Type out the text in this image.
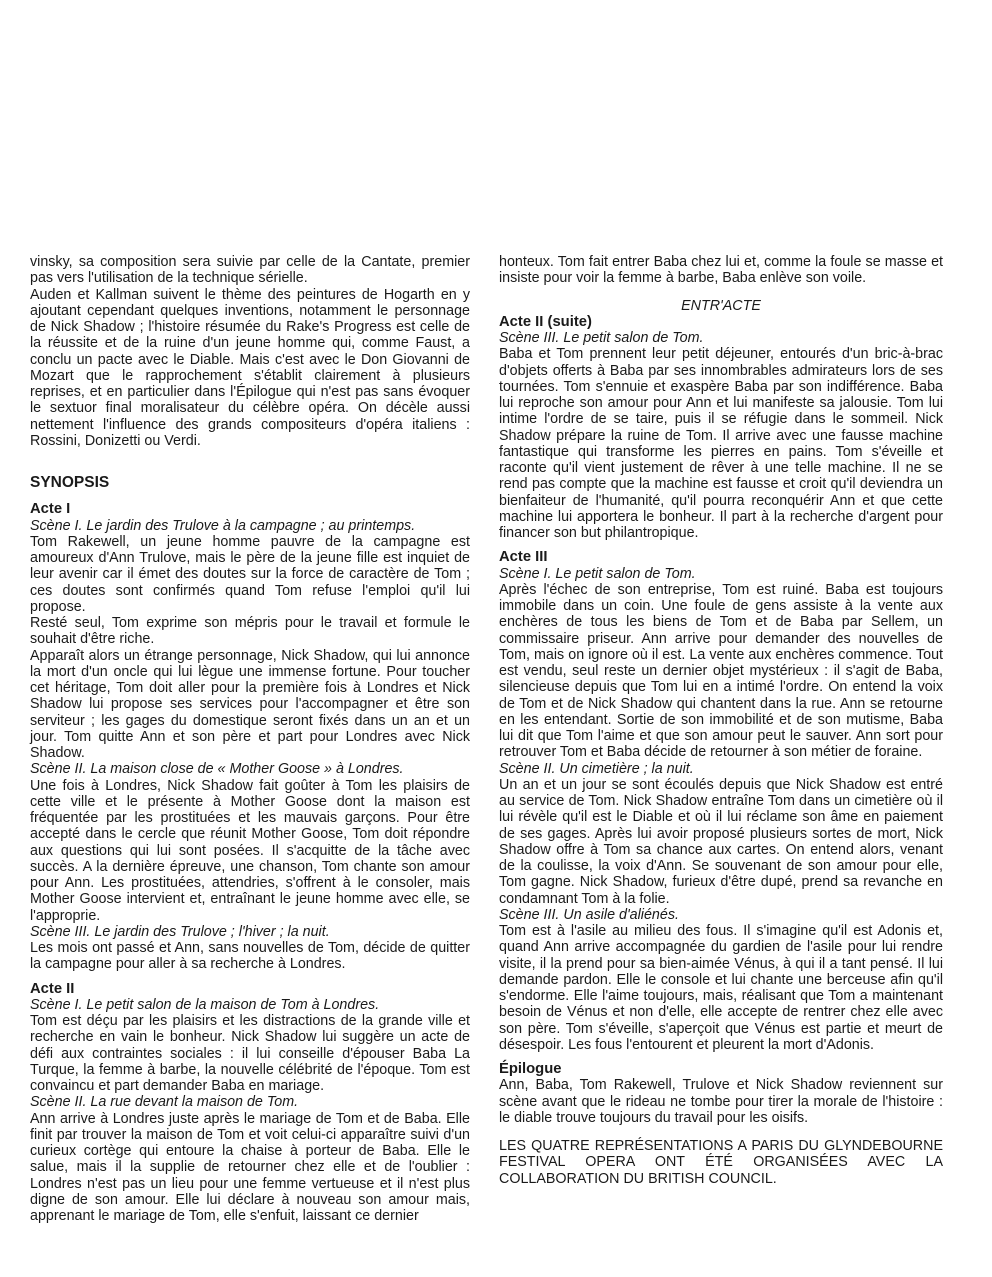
vinsky, sa composition sera suivie par celle de la Cantate, premier pas vers l'utilisation de la technique sérielle.

Auden et Kallman suivent le thème des peintures de Hogarth en y ajoutant cependant quelques inventions, notamment le personnage de Nick Shadow ; l'histoire résumée du Rake's Progress est celle de la réussite et de la ruine d'un jeune homme qui, comme Faust, a conclu un pacte avec le Diable. Mais c'est avec le Don Giovanni de Mozart que le rapprochement s'établit clairement à plusieurs reprises, et en particulier dans l'Épilogue qui n'est pas sans évoquer le sextuor final moralisateur du célèbre opéra. On décèle aussi nettement l'influence des grands compositeurs d'opéra italiens : Rossini, Donizetti ou Verdi.

SYNOPSIS
Acte I

Scène I. Le jardin des Trulove à la campagne ; au printemps.

Tom Rakewell, un jeune homme pauvre de la campagne est amoureux d'Ann Trulove, mais le père de la jeune fille est inquiet de leur avenir car il émet des doutes sur la force de caractère de Tom ; ces doutes sont confirmés quand Tom refuse l'emploi qu'il lui propose.

Resté seul, Tom exprime son mépris pour le travail et formule le souhait d'être riche.

Apparaît alors un étrange personnage, Nick Shadow, qui lui annonce la mort d'un oncle qui lui lègue une immense fortune. Pour toucher cet héritage, Tom doit aller pour la première fois à Londres et Nick Shadow lui propose ses services pour l'accompagner et être son serviteur ; les gages du domestique seront fixés dans un an et un jour. Tom quitte Ann et son père et part pour Londres avec Nick Shadow.

Scène II. La maison close de « Mother Goose » à Londres.

Une fois à Londres, Nick Shadow fait goûter à Tom les plaisirs de cette ville et le présente à Mother Goose dont la maison est fréquentée par les prostituées et les mauvais garçons. Pour être accepté dans le cercle que réunit Mother Goose, Tom doit répondre aux questions qui lui sont posées. Il s'acquitte de la tâche avec succès. A la dernière épreuve, une chanson, Tom chante son amour pour Ann. Les prostituées, attendries, s'offrent à le consoler, mais Mother Goose intervient et, entraînant le jeune homme avec elle, se l'approprie.

Scène III. Le jardin des Trulove ; l'hiver ; la nuit.

Les mois ont passé et Ann, sans nouvelles de Tom, décide de quitter la campagne pour aller à sa recherche à Londres.

Acte II

Scène I. Le petit salon de la maison de Tom à Londres.

Tom est déçu par les plaisirs et les distractions de la grande ville et recherche en vain le bonheur. Nick Shadow lui suggère un acte de défi aux contraintes sociales : il lui conseille d'épouser Baba La Turque, la femme à barbe, la nouvelle célébrité de l'époque. Tom est convaincu et part demander Baba en mariage.

Scène II. La rue devant la maison de Tom.

Ann arrive à Londres juste après le mariage de Tom et de Baba. Elle finit par trouver la maison de Tom et voit celui-ci apparaître suivi d'un curieux cortège qui entoure la chaise à porteur de Baba. Elle le salue, mais il la supplie de retourner chez elle et de l'oublier : Londres n'est pas un lieu pour une femme vertueuse et il n'est plus digne de son amour. Elle lui déclare à nouveau son amour mais, apprenant le mariage de Tom, elle s'enfuit, laissant ce dernier

honteux. Tom fait entrer Baba chez lui et, comme la foule se masse et insiste pour voir la femme à barbe, Baba enlève son voile.

ENTR'ACTE

Acte II (suite)

Scène III. Le petit salon de Tom.

Baba et Tom prennent leur petit déjeuner, entourés d'un bric-à-brac d'objets offerts à Baba par ses innombrables admirateurs lors de ses tournées. Tom s'ennuie et exaspère Baba par son indifférence. Baba lui reproche son amour pour Ann et lui manifeste sa jalousie. Tom lui intime l'ordre de se taire, puis il se réfugie dans le sommeil. Nick Shadow prépare la ruine de Tom. Il arrive avec une fausse machine fantastique qui transforme les pierres en pains. Tom s'éveille et raconte qu'il vient justement de rêver à une telle machine. Il ne se rend pas compte que la machine est fausse et croit qu'il deviendra un bienfaiteur de l'humanité, qu'il pourra reconquérir Ann et que cette machine lui apportera le bonheur. Il part à la recherche d'argent pour financer son but philantropique.

Acte III

Scène I. Le petit salon de Tom.

Après l'échec de son entreprise, Tom est ruiné. Baba est toujours immobile dans un coin. Une foule de gens assiste à la vente aux enchères de tous les biens de Tom et de Baba par Sellem, un commissaire priseur. Ann arrive pour demander des nouvelles de Tom, mais on ignore où il est. La vente aux enchères commence. Tout est vendu, seul reste un dernier objet mystérieux : il s'agit de Baba, silencieuse depuis que Tom lui en a intimé l'ordre. On entend la voix de Tom et de Nick Shadow qui chantent dans la rue. Ann se retourne en les entendant. Sortie de son immobilité et de son mutisme, Baba lui dit que Tom l'aime et que son amour peut le sauver. Ann sort pour retrouver Tom et Baba décide de retourner à son métier de foraine.

Scène II. Un cimetière ; la nuit.

Un an et un jour se sont écoulés depuis que Nick Shadow est entré au service de Tom. Nick Shadow entraîne Tom dans un cimetière où il lui révèle qu'il est le Diable et où il lui réclame son âme en paiement de ses gages. Après lui avoir proposé plusieurs sortes de mort, Nick Shadow offre à Tom sa chance aux cartes. On entend alors, venant de la coulisse, la voix d'Ann. Se souvenant de son amour pour elle, Tom gagne. Nick Shadow, furieux d'être dupé, prend sa revanche en condamnant Tom à la folie.

Scène III. Un asile d'aliénés.

Tom est à l'asile au milieu des fous. Il s'imagine qu'il est Adonis et, quand Ann arrive accompagnée du gardien de l'asile pour lui rendre visite, il la prend pour sa bien-aimée Vénus, à qui il a tant pensé. Il lui demande pardon. Elle le console et lui chante une berceuse afin qu'il s'endorme. Elle l'aime toujours, mais, réalisant que Tom a maintenant besoin de Vénus et non d'elle, elle accepte de rentrer chez elle avec son père. Tom s'éveille, s'aperçoit que Vénus est partie et meurt de désespoir. Les fous l'entourent et pleurent la mort d'Adonis.

Épilogue

Ann, Baba, Tom Rakewell, Trulove et Nick Shadow reviennent sur scène avant que le rideau ne tombe pour tirer la morale de l'histoire : le diable trouve toujours du travail pour les oisifs.

LES QUATRE REPRÉSENTATIONS A PARIS DU GLYNDEBOURNE FESTIVAL OPERA ONT ÉTÉ ORGANISÉES AVEC LA COLLABORATION DU BRITISH COUNCIL.
